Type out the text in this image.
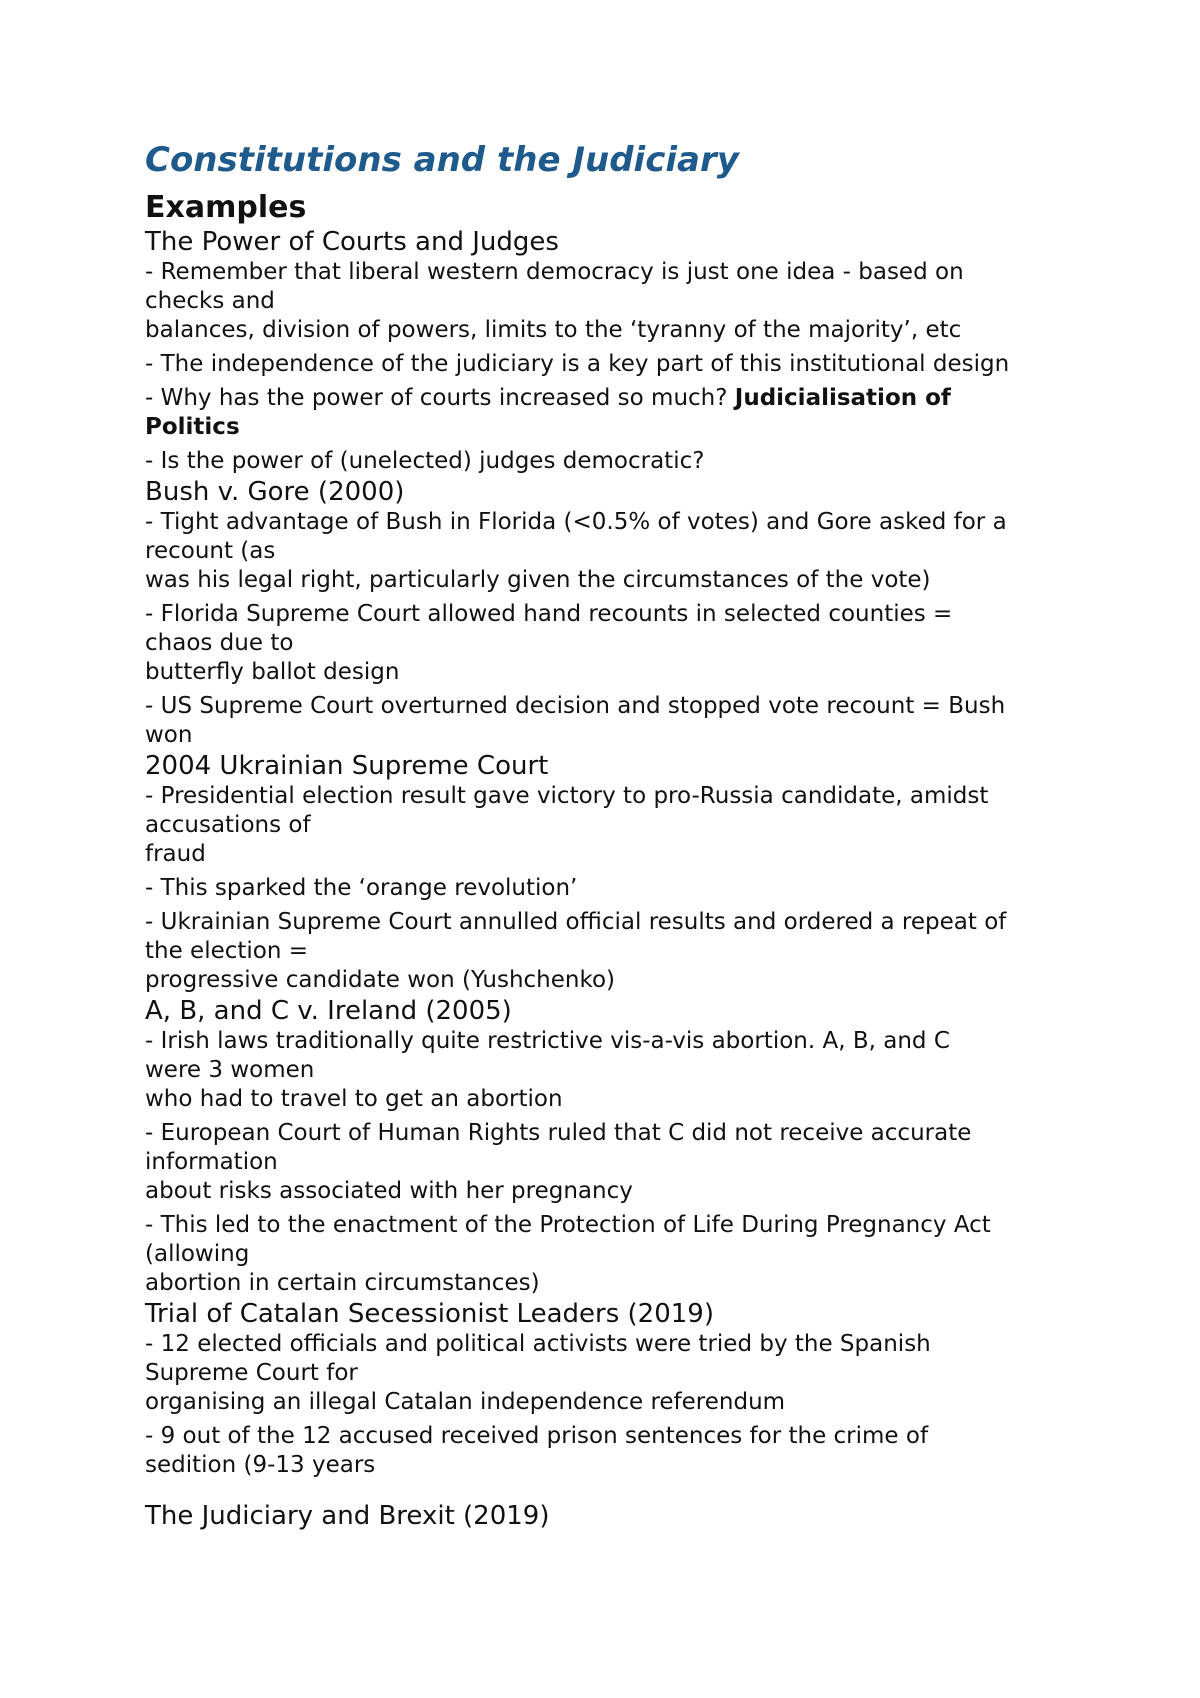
Constitutions and the Judiciary
Examples
The Power of Courts and Judges
- Remember that liberal western democracy is just one idea - based on
checks and
balances, division of powers, limits to the ‘tyranny of the majority’, etc
- The independence of the judiciary is a key part of this institutional design
- Why has the power of courts increased so much? Judicialisation of
Politics
- Is the power of (unelected) judges democratic?
Bush v. Gore (2000)
- Tight advantage of Bush in Florida (<0.5% of votes) and Gore asked for a
recount (as
was his legal right, particularly given the circumstances of the vote)
- Florida Supreme Court allowed hand recounts in selected counties =
chaos due to
butterfly ballot design
- US Supreme Court overturned decision and stopped vote recount = Bush
won
2004 Ukrainian Supreme Court
- Presidential election result gave victory to pro-Russia candidate, amidst
accusations of
fraud
- This sparked the ‘orange revolution’
- Ukrainian Supreme Court annulled official results and ordered a repeat of
the election =
progressive candidate won (Yushchenko)
A, B, and C v. Ireland (2005)
- Irish laws traditionally quite restrictive vis-a-vis abortion. A, B, and C
were 3 women
who had to travel to get an abortion
- European Court of Human Rights ruled that C did not receive accurate
information
about risks associated with her pregnancy
- This led to the enactment of the Protection of Life During Pregnancy Act
(allowing
abortion in certain circumstances)
Trial of Catalan Secessionist Leaders (2019)
- 12 elected officials and political activists were tried by the Spanish
Supreme Court for
organising an illegal Catalan independence referendum
- 9 out of the 12 accused received prison sentences for the crime of
sedition (9-13 years
The Judiciary and Brexit (2019)
